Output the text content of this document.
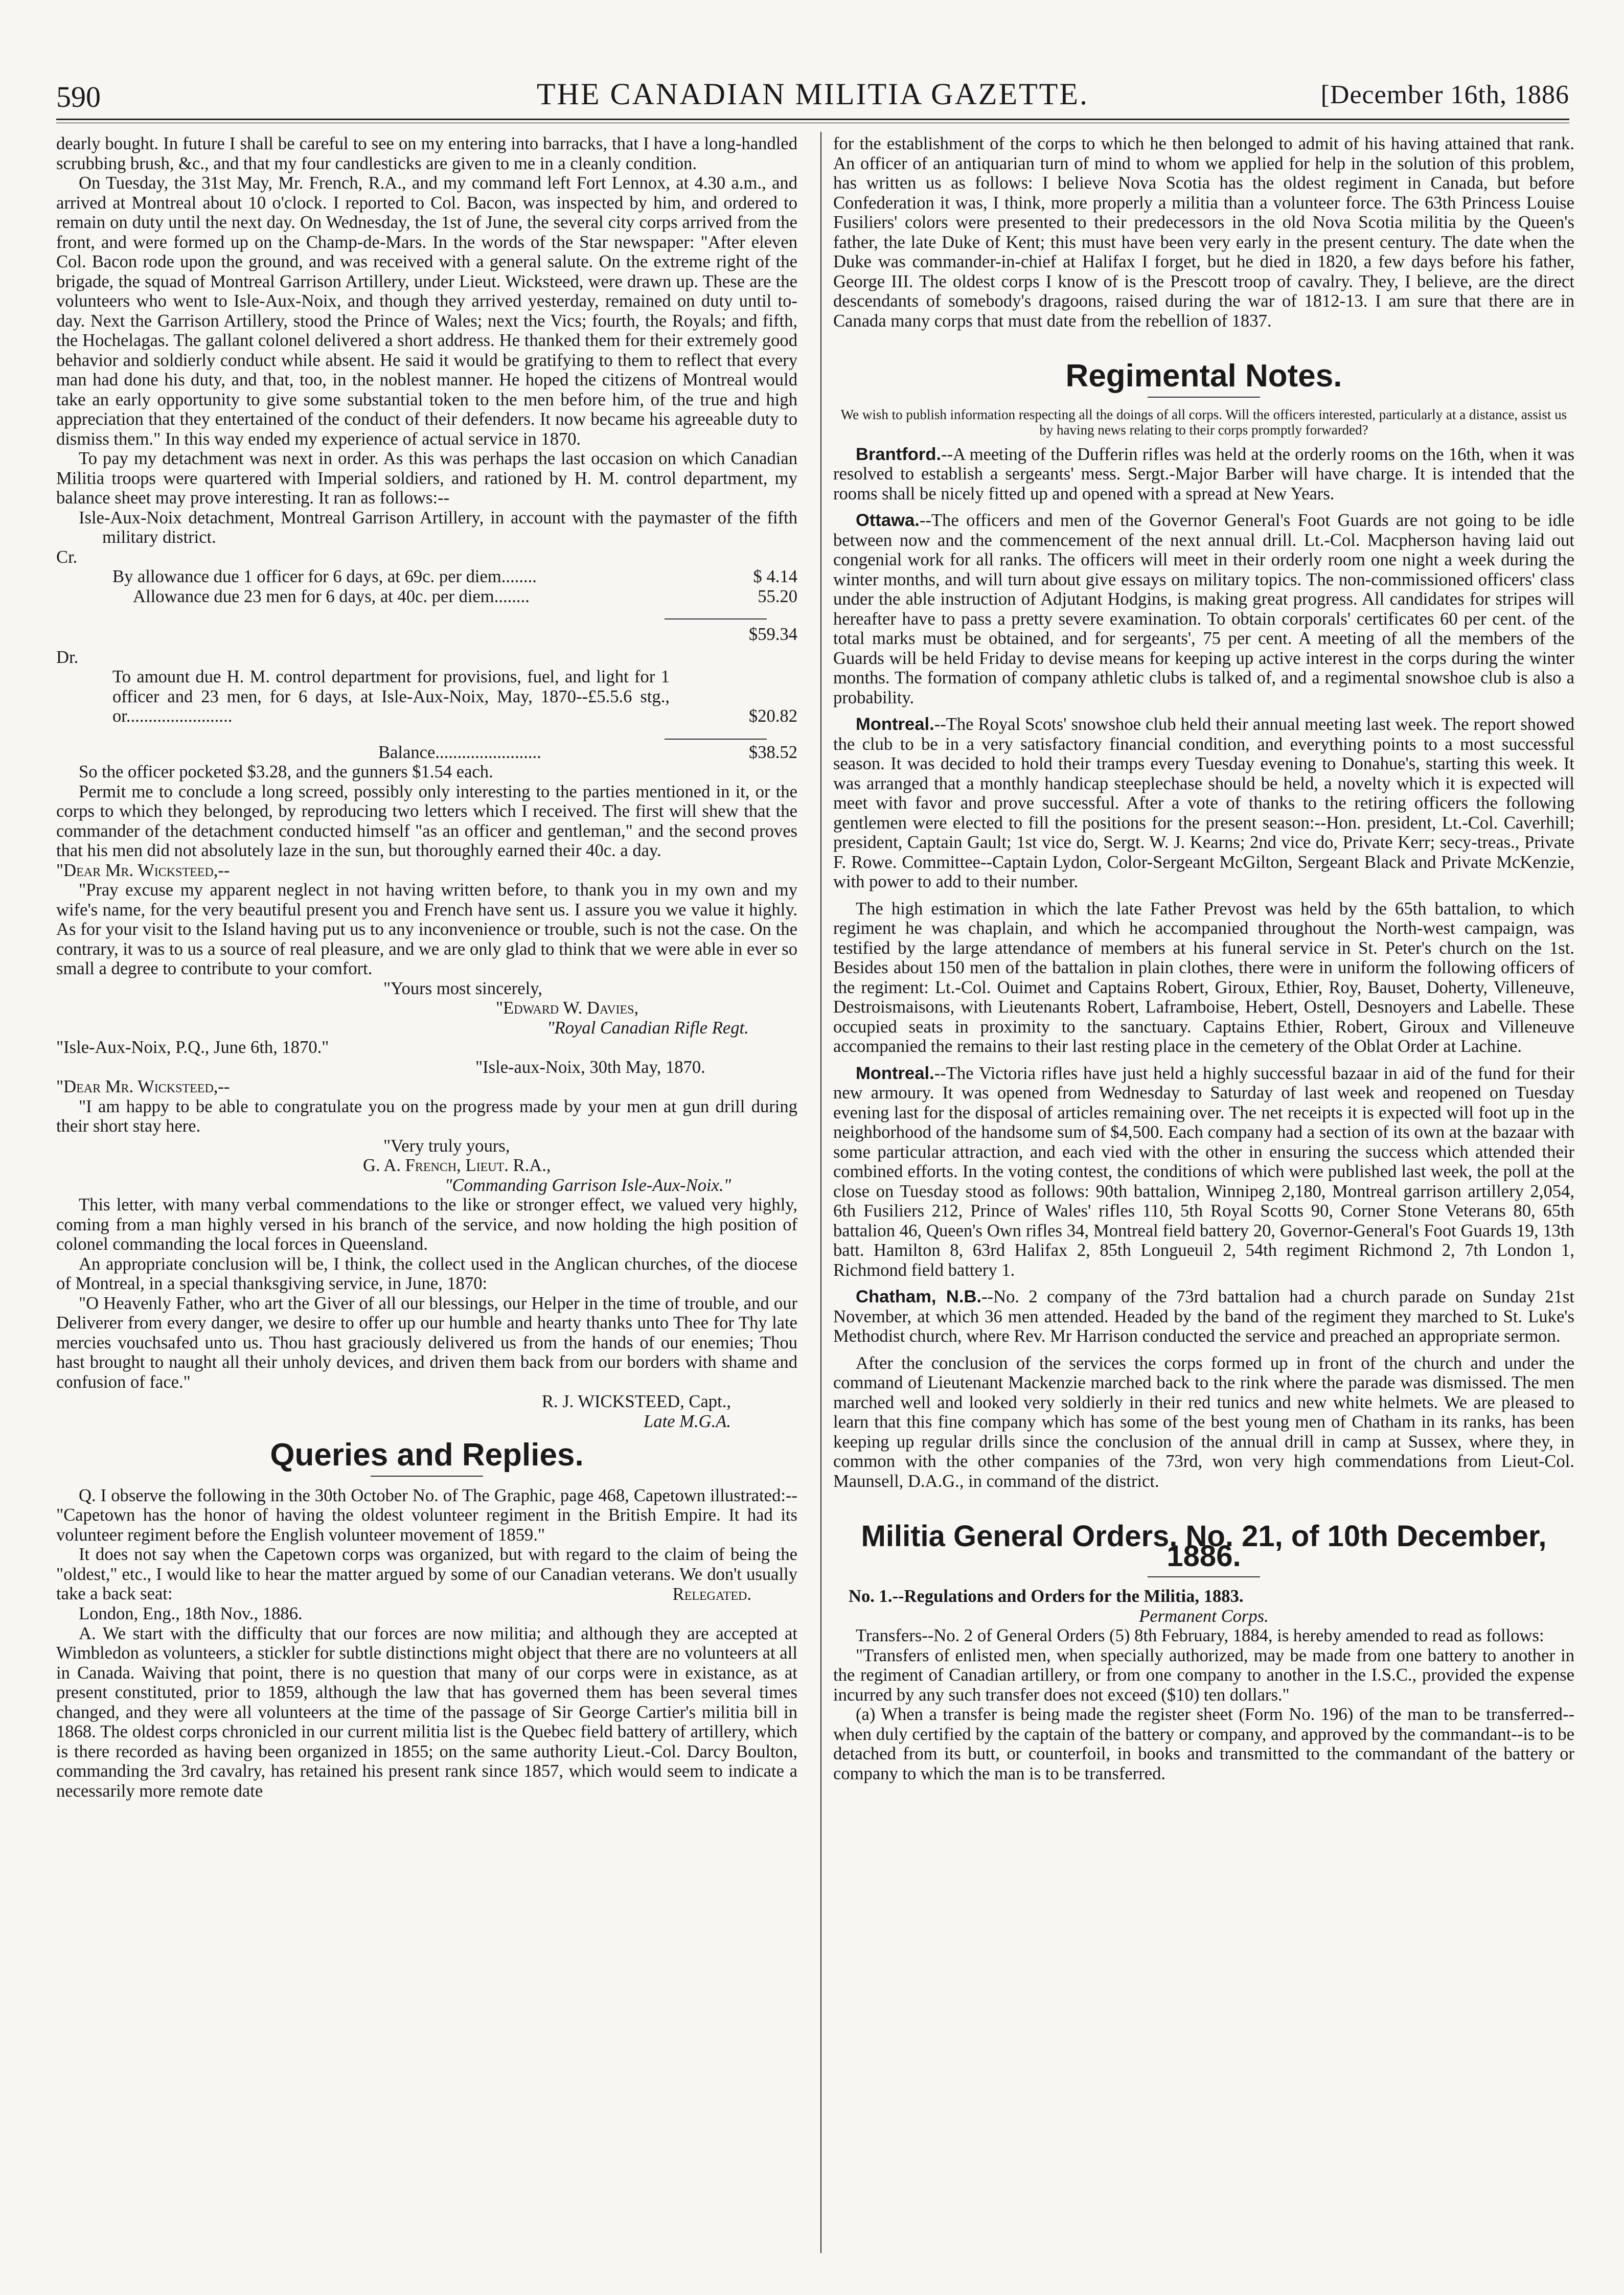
590	THE CANADIAN MILITIA GAZETTE.	[December 16th, 1886

dearly bought. In future I shall be careful to see on my entering into barracks, that I have a long-handled scrubbing brush, &c., and that my four candlesticks are given to me in a cleanly condition.

On Tuesday, the 31st May, Mr. French, R.A., and my command left Fort Lennox, at 4.30 a.m., and arrived at Montreal about 10 o'clock. I reported to Col. Bacon, was inspected by him, and ordered to remain on duty until the next day. On Wednesday, the 1st of June, the several city corps arrived from the front, and were formed up on the Champ-de-Mars. In the words of the Star newspaper: "After eleven Col. Bacon rode upon the ground, and was received with a general salute. On the extreme right of the brigade, the squad of Montreal Garrison Artillery, under Lieut. Wicksteed, were drawn up. These are the volunteers who went to Isle-Aux-Noix, and though they arrived yesterday, remained on duty until to-day. Next the Garrison Artillery, stood the Prince of Wales; next the Vics; fourth, the Royals; and fifth, the Hochelagas. The gallant colonel delivered a short address. He thanked them for their extremely good behavior and soldierly conduct while absent. He said it would be gratifying to them to reflect that every man had done his duty, and that, too, in the noblest manner. He hoped the citizens of Montreal would take an early opportunity to give some substantial token to the men before him, of the true and high appreciation that they entertained of the conduct of their defenders. It now became his agreeable duty to dismiss them." In this way ended my experience of actual service in 1870.

To pay my detachment was next in order. As this was perhaps the last occasion on which Canadian Militia troops were quartered with Imperial soldiers, and rationed by H. M. control department, my balance sheet may prove interesting. It ran as follows:--

Isle-Aux-Noix detachment, Montreal Garrison Artillery, in account with the paymaster of the fifth military district.

Cr.

By allowance due 1 officer for 6 days, at 69c. per diem........	$ 4.14
Allowance due 23 men for 6 days, at 40c. per diem........	55.20
$59.34

Dr.

To amount due H. M. control department for provisions, fuel, and light for 1 officer and 23 men, for 6 days, at Isle-Aux-Noix, May, 1870--£5.5.6 stg., or........................	$20.82
Balance........................	$38.52

So the officer pocketed $3.28, and the gunners $1.54 each.

Permit me to conclude a long screed, possibly only interesting to the parties mentioned in it, or the corps to which they belonged, by reproducing two letters which I received. The first will shew that the commander of the detachment conducted himself "as an officer and gentleman," and the second proves that his men did not absolutely laze in the sun, but thoroughly earned their 40c. a day.

"Dear Mr. Wicksteed,--

"Pray excuse my apparent neglect in not having written before, to thank you in my own and my wife's name, for the very beautiful present you and French have sent us. I assure you we value it highly. As for your visit to the Island having put us to any inconvenience or trouble, such is not the case. On the contrary, it was to us a source of real pleasure, and we are only glad to think that we were able in ever so small a degree to contribute to your comfort.

"Yours most sincerely,

"Edward W. Davies,

"Royal Canadian Rifle Regt.

"Isle-Aux-Noix, P.Q., June 6th, 1870."

"Isle-aux-Noix, 30th May, 1870.

"Dear Mr. Wicksteed,--

"I am happy to be able to congratulate you on the progress made by your men at gun drill during their short stay here.

"Very truly yours,

G. A. French, Lieut. R.A.,

"Commanding Garrison Isle-Aux-Noix."

This letter, with many verbal commendations to the like or stronger effect, we valued very highly, coming from a man highly versed in his branch of the service, and now holding the high position of colonel commanding the local forces in Queensland.

An appropriate conclusion will be, I think, the collect used in the Anglican churches, of the diocese of Montreal, in a special thanksgiving service, in June, 1870:

"O Heavenly Father, who art the Giver of all our blessings, our Helper in the time of trouble, and our Deliverer from every danger, we desire to offer up our humble and hearty thanks unto Thee for Thy late mercies vouchsafed unto us. Thou hast graciously delivered us from the hands of our enemies; Thou hast brought to naught all their unholy devices, and driven them back from our borders with shame and confusion of face."

R. J. WICKSTEED, Capt.,

Late M.G.A.

Queries and Replies.

Q. I observe the following in the 30th October No. of The Graphic, page 468, Capetown illustrated:--"Capetown has the honor of having the oldest volunteer regiment in the British Empire. It had its volunteer regiment before the English volunteer movement of 1859."

It does not say when the Capetown corps was organized, but with regard to the claim of being the "oldest," etc., I would like to hear the matter argued by some of our Canadian veterans. We don't usually take a back seat:	Relegated.

London, Eng., 18th Nov., 1886.

A. We start with the difficulty that our forces are now militia; and although they are accepted at Wimbledon as volunteers, a stickler for subtle distinctions might object that there are no volunteers at all in Canada. Waiving that point, there is no question that many of our corps were in existance, as at present constituted, prior to 1859, although the law that has governed them has been several times changed, and they were all volunteers at the time of the passage of Sir George Cartier's militia bill in 1868. The oldest corps chronicled in our current militia list is the Quebec field battery of artillery, which is there recorded as having been organized in 1855; on the same authority Lieut.-Col. Darcy Boulton, commanding the 3rd cavalry, has retained his present rank since 1857, which would seem to indicate a necessarily more remote date

for the establishment of the corps to which he then belonged to admit of his having attained that rank. An officer of an antiquarian turn of mind to whom we applied for help in the solution of this problem, has written us as follows: I believe Nova Scotia has the oldest regiment in Canada, but before Confederation it was, I think, more properly a militia than a volunteer force. The 63th Princess Louise Fusiliers' colors were presented to their predecessors in the old Nova Scotia militia by the Queen's father, the late Duke of Kent; this must have been very early in the present century. The date when the Duke was commander-in-chief at Halifax I forget, but he died in 1820, a few days before his father, George III. The oldest corps I know of is the Prescott troop of cavalry. They, I believe, are the direct descendants of somebody's dragoons, raised during the war of 1812-13. I am sure that there are in Canada many corps that must date from the rebellion of 1837.

Regimental Notes.

We wish to publish information respecting all the doings of all corps. Will the officers interested, particularly at a distance, assist us by having news relating to their corps promptly forwarded?

Brantford.--A meeting of the Dufferin rifles was held at the orderly rooms on the 16th, when it was resolved to establish a sergeants' mess. Sergt.-Major Barber will have charge. It is intended that the rooms shall be nicely fitted up and opened with a spread at New Years.

Ottawa.--The officers and men of the Governor General's Foot Guards are not going to be idle between now and the commencement of the next annual drill. Lt.-Col. Macpherson having laid out congenial work for all ranks. The officers will meet in their orderly room one night a week during the winter months, and will turn about give essays on military topics. The non-commissioned officers' class under the able instruction of Adjutant Hodgins, is making great progress. All candidates for stripes will hereafter have to pass a pretty severe examination. To obtain corporals' certificates 60 per cent. of the total marks must be obtained, and for sergeants', 75 per cent. A meeting of all the members of the Guards will be held Friday to devise means for keeping up active interest in the corps during the winter months. The formation of company athletic clubs is talked of, and a regimental snowshoe club is also a probability.

Montreal.--The Royal Scots' snowshoe club held their annual meeting last week. The report showed the club to be in a very satisfactory financial condition, and everything points to a most successful season. It was decided to hold their tramps every Tuesday evening to Donahue's, starting this week. It was arranged that a monthly handicap steeplechase should be held, a novelty which it is expected will meet with favor and prove successful. After a vote of thanks to the retiring officers the following gentlemen were elected to fill the positions for the present season:--Hon. president, Lt.-Col. Caverhill; president, Captain Gault; 1st vice do, Sergt. W. J. Kearns; 2nd vice do, Private Kerr; secy-treas., Private F. Rowe. Committee--Captain Lydon, Color-Sergeant McGilton, Sergeant Black and Private McKenzie, with power to add to their number.

The high estimation in which the late Father Prevost was held by the 65th battalion, to which regiment he was chaplain, and which he accompanied throughout the North-west campaign, was testified by the large attendance of members at his funeral service in St. Peter's church on the 1st. Besides about 150 men of the battalion in plain clothes, there were in uniform the following officers of the regiment: Lt.-Col. Ouimet and Captains Robert, Giroux, Ethier, Roy, Bauset, Doherty, Villeneuve, Destroismaisons, with Lieutenants Robert, Laframboise, Hebert, Ostell, Desnoyers and Labelle. These occupied seats in proximity to the sanctuary. Captains Ethier, Robert, Giroux and Villeneuve accompanied the remains to their last resting place in the cemetery of the Oblat Order at Lachine.

Montreal.--The Victoria rifles have just held a highly successful bazaar in aid of the fund for their new armoury. It was opened from Wednesday to Saturday of last week and reopened on Tuesday evening last for the disposal of articles remaining over. The net receipts it is expected will foot up in the neighborhood of the handsome sum of $4,500. Each company had a section of its own at the bazaar with some particular attraction, and each vied with the other in ensuring the success which attended their combined efforts. In the voting contest, the conditions of which were published last week, the poll at the close on Tuesday stood as follows: 90th battalion, Winnipeg 2,180, Montreal garrison artillery 2,054, 6th Fusiliers 212, Prince of Wales' rifles 110, 5th Royal Scotts 90, Corner Stone Veterans 80, 65th battalion 46, Queen's Own rifles 34, Montreal field battery 20, Governor-General's Foot Guards 19, 13th batt. Hamilton 8, 63rd Halifax 2, 85th Longueuil 2, 54th regiment Richmond 2, 7th London 1, Richmond field battery 1.

Chatham, N.B.--No. 2 company of the 73rd battalion had a church parade on Sunday 21st November, at which 36 men attended. Headed by the band of the regiment they marched to St. Luke's Methodist church, where Rev. Mr Harrison conducted the service and preached an appropriate sermon.

After the conclusion of the services the corps formed up in front of the church and under the command of Lieutenant Mackenzie marched back to the rink where the parade was dismissed. The men marched well and looked very soldierly in their red tunics and new white helmets. We are pleased to learn that this fine company which has some of the best young men of Chatham in its ranks, has been keeping up regular drills since the conclusion of the annual drill in camp at Sussex, where they, in common with the other companies of the 73rd, won very high commendations from Lieut-Col. Maunsell, D.A.G., in command of the district.

Militia General Orders, No. 21, of 10th December, 1886.

No. 1.--Regulations and Orders for the Militia, 1883.

Permanent Corps.

Transfers--No. 2 of General Orders (5) 8th February, 1884, is hereby amended to read as follows:

"Transfers of enlisted men, when specially authorized, may be made from one battery to another in the regiment of Canadian artillery, or from one company to another in the I.S.C., provided the expense incurred by any such transfer does not exceed ($10) ten dollars."

(a) When a transfer is being made the register sheet (Form No. 196) of the man to be transferred--when duly certified by the captain of the battery or company, and approved by the commandant--is to be detached from its butt, or counterfoil, in books and transmitted to the commandant of the battery or company to which the man is to be transferred.
